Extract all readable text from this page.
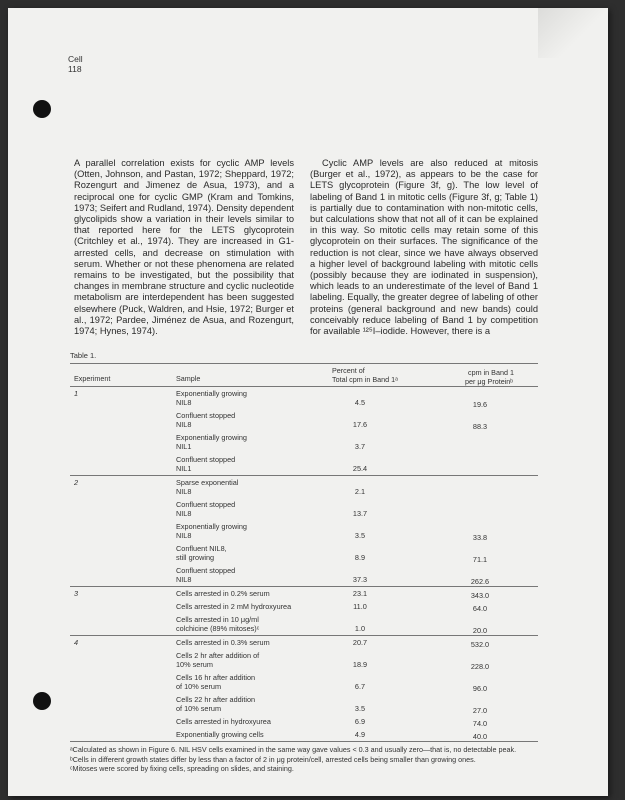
Cell
118
A parallel correlation exists for cyclic AMP levels (Otten, Johnson, and Pastan, 1972; Sheppard, 1972; Rozengurt and Jimenez de Asua, 1973), and a reciprocal one for cyclic GMP (Kram and Tomkins, 1973; Seifert and Rudland, 1974). Density dependent glycolipids show a variation in their levels similar to that reported here for the LETS glycoprotein (Critchley et al., 1974). They are increased in G1-arrested cells, and decrease on stimulation with serum. Whether or not these phenomena are related remains to be investigated, but the possibility that changes in membrane structure and cyclic nucleotide metabolism are interdependent has been suggested elsewhere (Puck, Waldren, and Hsie, 1972; Burger et al., 1972; Pardee, Jiménez de Asua, and Rozengurt, 1974; Hynes, 1974).
Cyclic AMP levels are also reduced at mitosis (Burger et al., 1972), as appears to be the case for LETS glycoprotein (Figure 3f, g). The low level of labeling of Band 1 in mitotic cells (Figure 3f, g; Table 1) is partially due to contamination with non-mitotic cells, but calculations show that not all of it can be explained in this way. So mitotic cells may retain some of this glycoprotein on their surfaces. The significance of the reduction is not clear, since we have always observed a higher level of background labeling with mitotic cells (possibly because they are iodinated in suspension), which leads to an underestimate of the level of Band 1 labeling. Equally, the greater degree of labeling of other proteins (general background and new bands) could conceivably reduce labeling of Band 1 by competition for available ¹²⁵I–iodide. However, there is a
Table 1.
Experiment	Sample
Percent of
Total cpm in Band 1ᵃ
cpm in Band 1
per μg Proteinᵇ
1	Exponentially growing
NIL8	4.5	19.6
Confluent stopped
NIL8	17.6	88.3
Exponentially growing
NIL1	3.7
Confluent stopped
NIL1	25.4
2	Sparse exponential
NIL8	2.1
Confluent stopped
NIL8	13.7
Exponentially growing
NIL8	3.5	33.8
Confluent NIL8,
still growing	8.9	71.1
Confluent stopped
NIL8	37.3	262.6
3	Cells arrested in 0.2% serum	23.1	343.0
Cells arrested in 2 mM hydroxyurea	11.0	64.0
Cells arrested in 10 μg/ml
colchicine (89% mitoses)ᶜ	1.0	20.0
4	Cells arrested in 0.3% serum	20.7	532.0
Cells 2 hr after addition of
10% serum	18.9	228.0
Cells 16 hr after addition
of 10% serum	6.7	96.0
Cells 22 hr after addition
of 10% serum	3.5	27.0
Cells arrested in hydroxyurea	6.9	74.0
Exponentially growing cells	4.9	40.0
ᵃCalculated as shown in Figure 6. NIL HSV cells examined in the same way gave values < 0.3 and usually zero—that is, no detectable peak.
ᵇCells in different growth states differ by less than a factor of 2 in μg protein/cell, arrested cells being smaller than growing ones.
ᶜMitoses were scored by fixing cells, spreading on slides, and staining.
